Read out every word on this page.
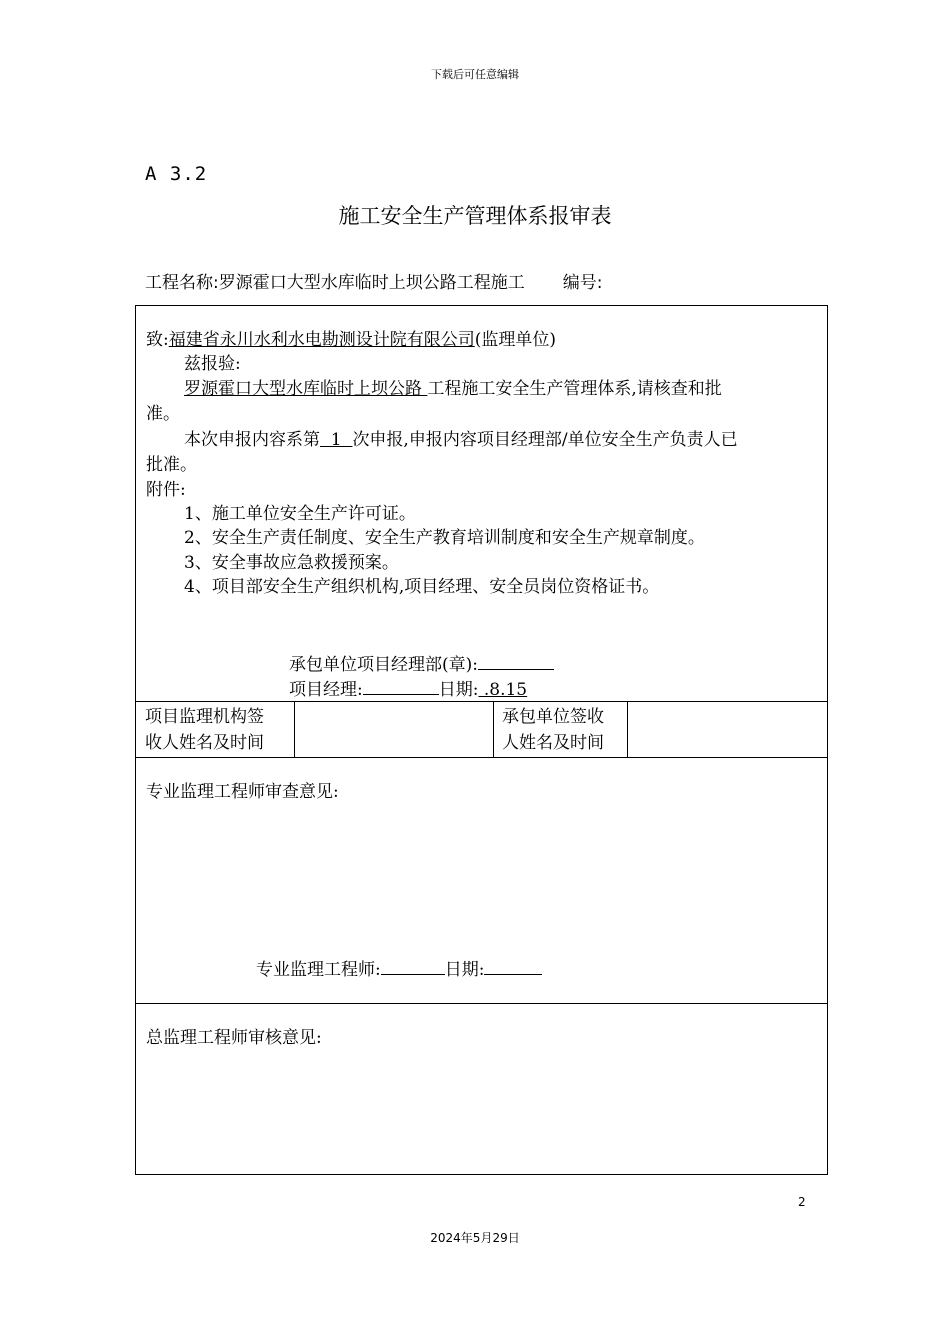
下载后可任意编辑
A 3.2
施工安全生产管理体系报审表
工程名称:罗源霍口大型水库临时上坝公路工程施工 编号:
致:福建省永川水利水电勘测设计院有限公司(监理单位)
兹报验:
罗源霍口大型水库临时上坝公路 工程施工安全生产管理体系,请核查和批
准。
本次申报内容系第  1  次申报,申报内容项目经理部/单位安全生产负责人已
批准。
附件:
1、施工单位安全生产许可证。
2、安全生产责任制度、安全生产教育培训制度和安全生产规章制度。
3、安全事故应急救援预案。
4、项目部安全生产组织机构,项目经理、安全员岗位资格证书。
承包单位项目经理部(章):
项目经理:	日期: .8.15
项目监理机构签
收人姓名及时间
承包单位签收
人姓名及时间
专业监理工程师审查意见:
专业监理工程师:	日期:
总监理工程师审核意见:
2
2024年5月29日
